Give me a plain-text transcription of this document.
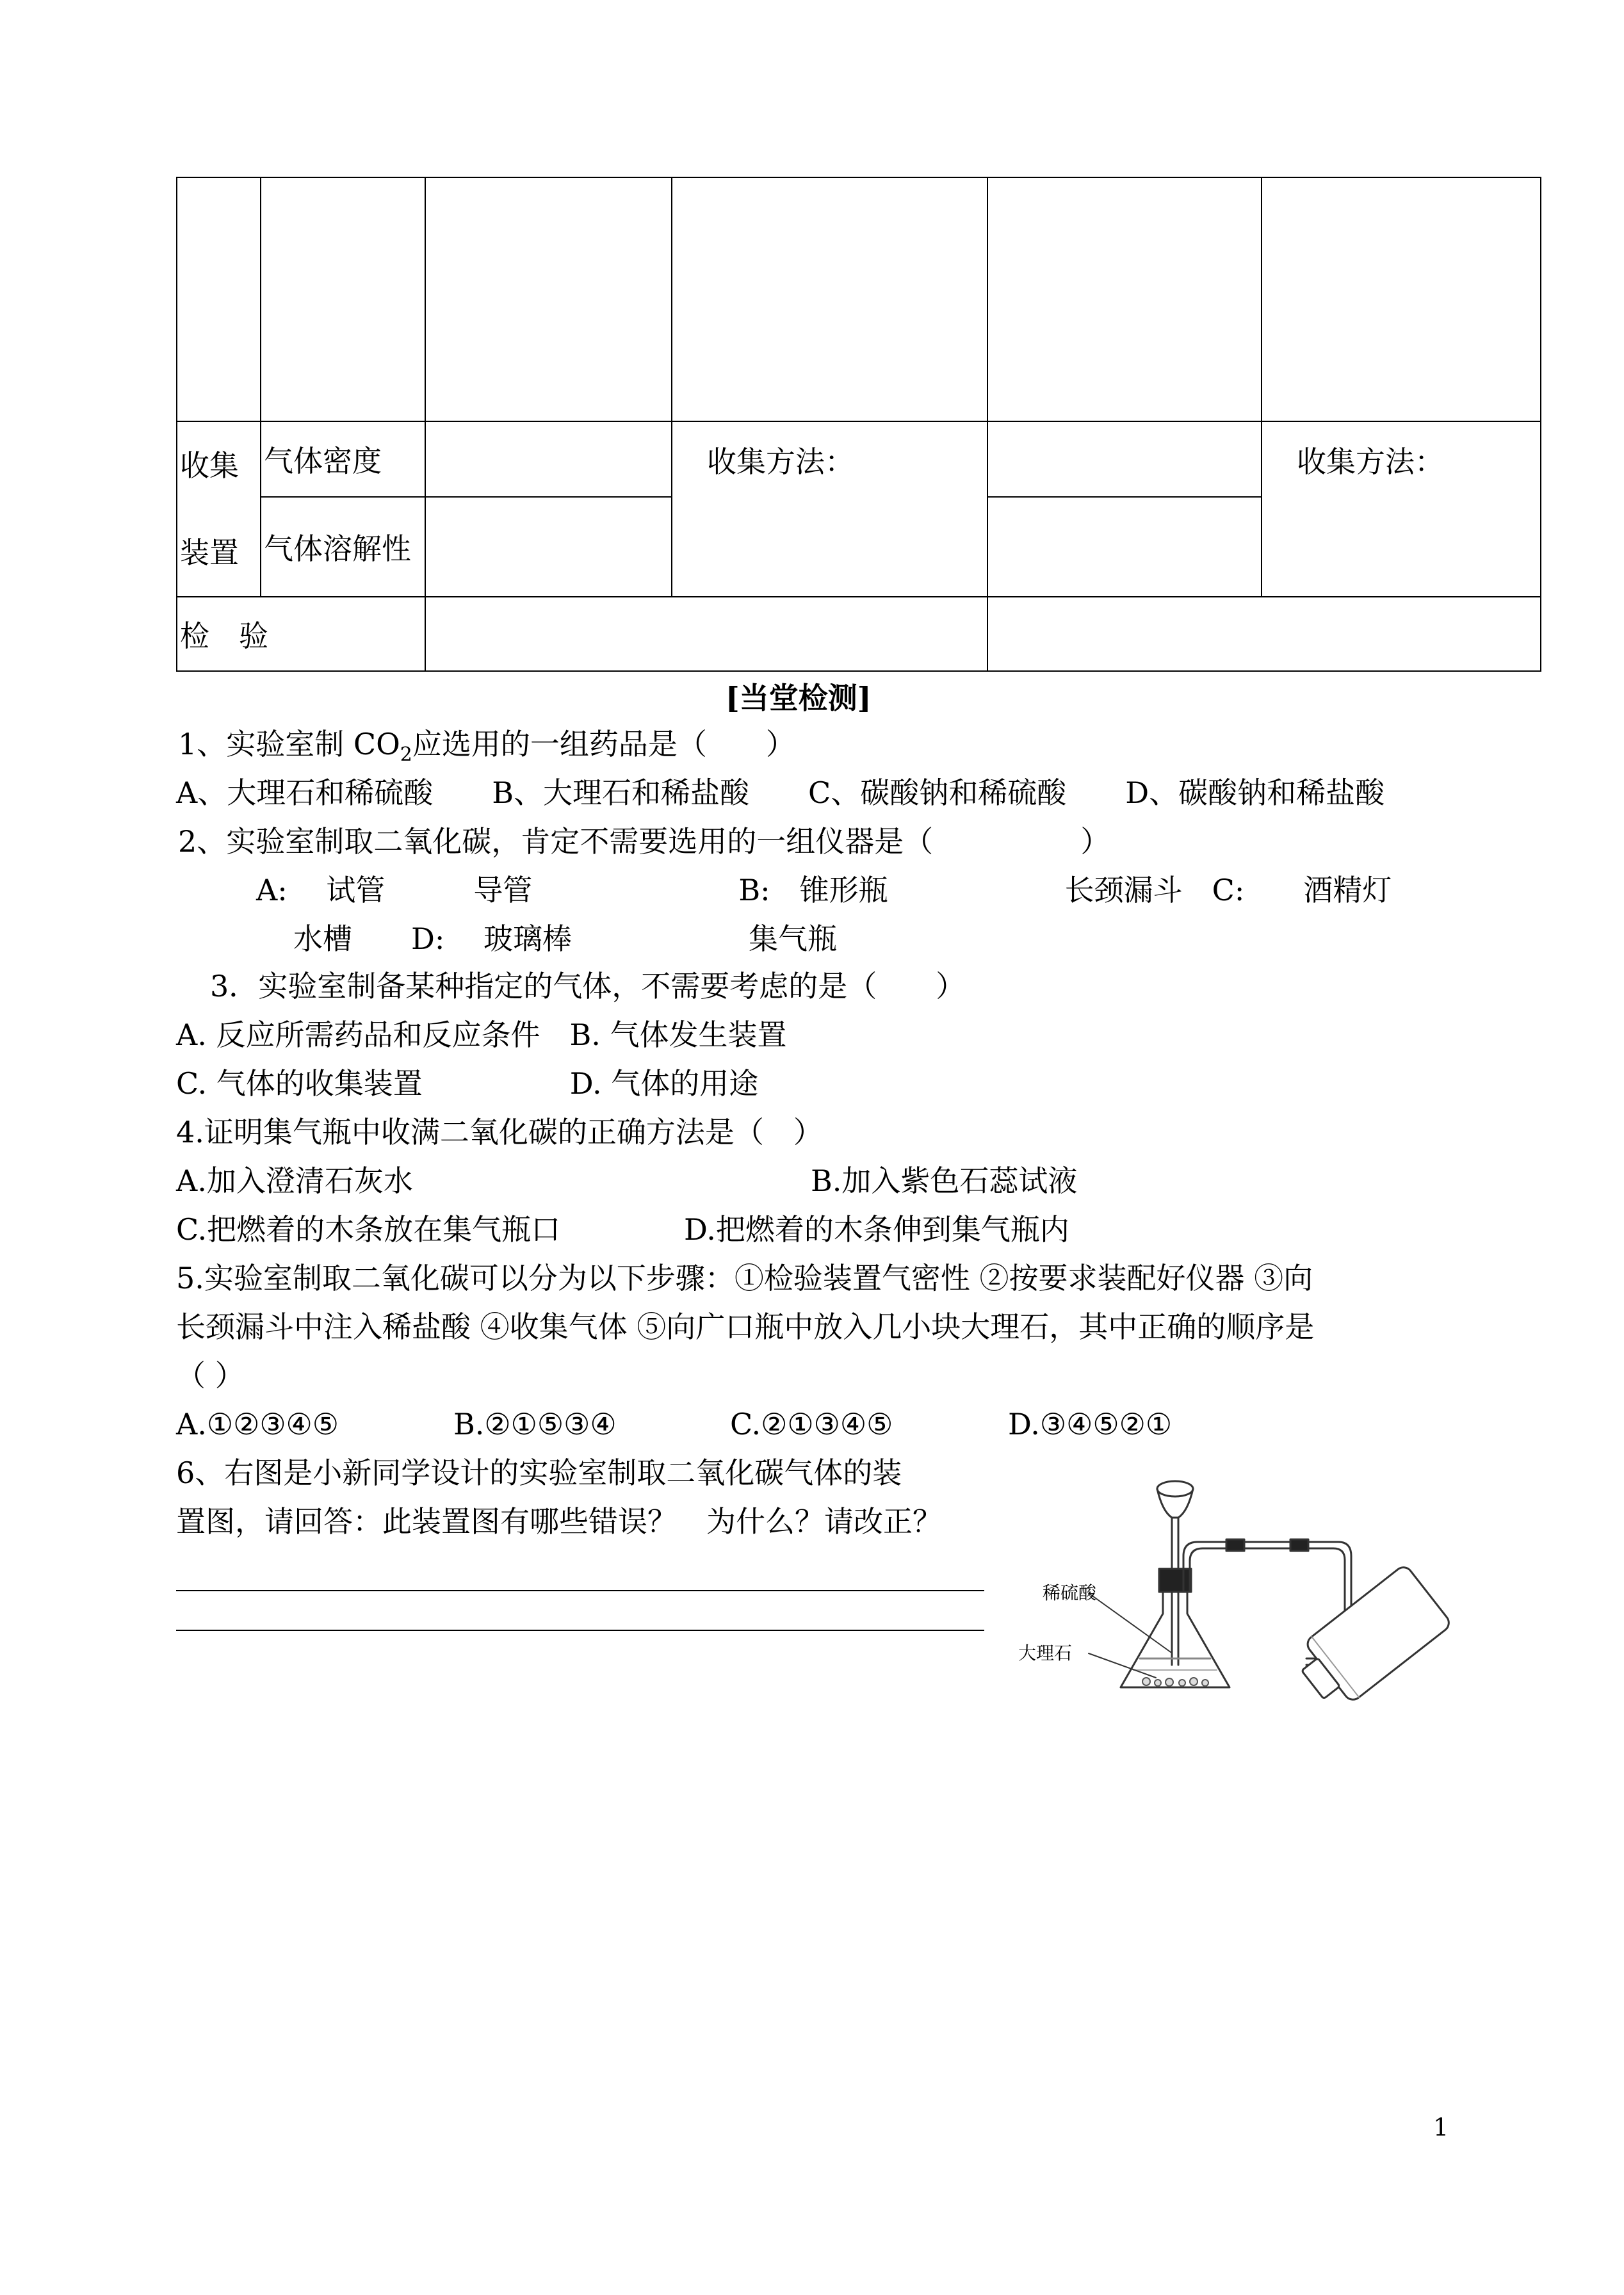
收集
装置	气体密度		收集方法：		收集方法：
	气体溶解性				
检　验					
[当堂检测]
1、实验室制 $CO_2$应选用的一组药品是（　　）
A、大理石和稀硫酸　　B、大理石和稀盐酸　　C、碳酸钠和稀硫酸　　D、碳酸钠和稀盐酸
2、实验室制取二氧化碳，肯定不需要选用的一组仪器是（　　　　　）
A:　 试管　　　导管　　　　　　　B:　锥形瓶　　　　　　长颈漏斗　C:　　酒精灯
水槽　　D:　 玻璃棒　　　　　　集气瓶
3．实验室制备某种指定的气体，不需要考虑的是（　　）
A. 反应所需药品和反应条件　B. 气体发生装置
C. 气体的收集装置　　　　　D. 气体的用途
4.证明集气瓶中收满二氧化碳的正确方法是（　）
A.加入澄清石灰水	B.加入紫色石蕊试液
C.把燃着的木条放在集气瓶口	D.把燃着的木条伸到集气瓶内
5.实验室制取二氧化碳可以分为以下步骤：①检验装置气密性 ②按要求装配好仪器 ③向
长颈漏斗中注入稀盐酸 ④收集气体 ⑤向广口瓶中放入几小块大理石，其中正确的顺序是
（ ）
A.①②③④⑤	B.②①⑤③④	C.②①③④⑤	D.③④⑤②①
6、右图是小新同学设计的实验室制取二氧化碳气体的装
置图，请回答：此装置图有哪些错误？　为什么？请改正？
稀硫酸
大理石
1
